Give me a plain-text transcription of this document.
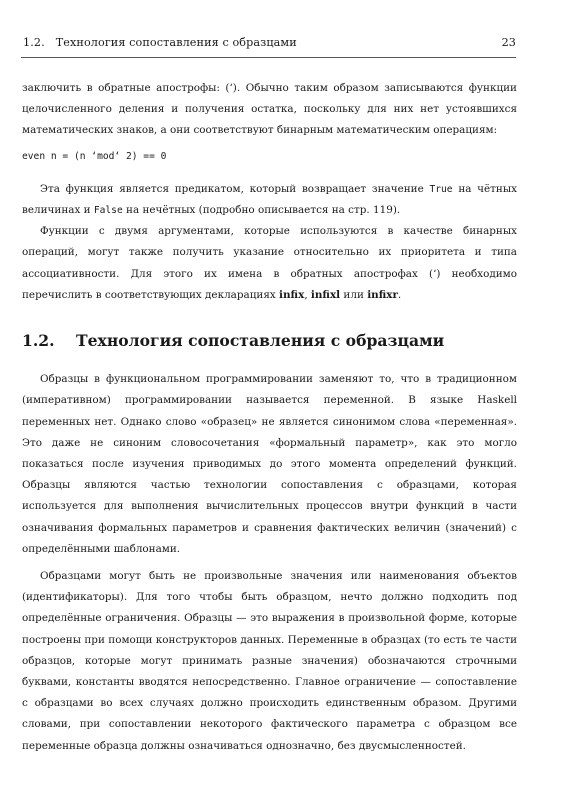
1.2.   Технология сопоставления с образцами	23

заключить в обратные апострофы: (‘). Обычно таким образом записываются функции целочисленного деления и получения остатка, поскольку для них нет устоявшихся математических знаков, а они соответствуют бинарным математическим операциям:

even n = (n ‘mod‘ 2) == 0

Эта функция является предикатом, который возвращает значение True на чётных величинах и False на нечётных (подробно описывается на стр. 119).

Функции с двумя аргументами, которые используются в качестве бинарных операций, могут также получить указание относительно их приоритета и типа ассоциативности. Для этого их имена в обратных апострофах (‘) необходимо перечислить в соответствующих декларациях infix, infixl или infixr.

1.2.	Технология сопоставления с образцами

Образцы в функциональном программировании заменяют то, что в традиционном (императивном) программировании называется переменной. В языке Haskell переменных нет. Однако слово «образец» не является синонимом слова «переменная». Это даже не синоним словосочетания «формальный параметр», как это могло показаться после изучения приводимых до этого момента определений функций. Образцы являются частью технологии сопоставления с образцами, которая используется для выполнения вычислительных процессов внутри функций в части означивания формальных параметров и сравнения фактических величин (значений) с определёнными шаблонами.

Образцами могут быть не произвольные значения или наименования объектов (идентификаторы). Для того чтобы быть образцом, нечто должно подходить под определённые ограничения. Образцы — это выражения в произвольной форме, которые построены при помощи конструкторов данных. Переменные в образцах (то есть те части образцов, которые могут принимать разные значения) обозначаются строчными буквами, константы вводятся непосредственно. Главное ограничение — сопоставление с образцами во всех случаях должно происходить единственным образом. Другими словами, при сопоставлении некоторого фактического параметра с образцом все переменные образца должны означиваться однозначно, без двусмысленностей.
